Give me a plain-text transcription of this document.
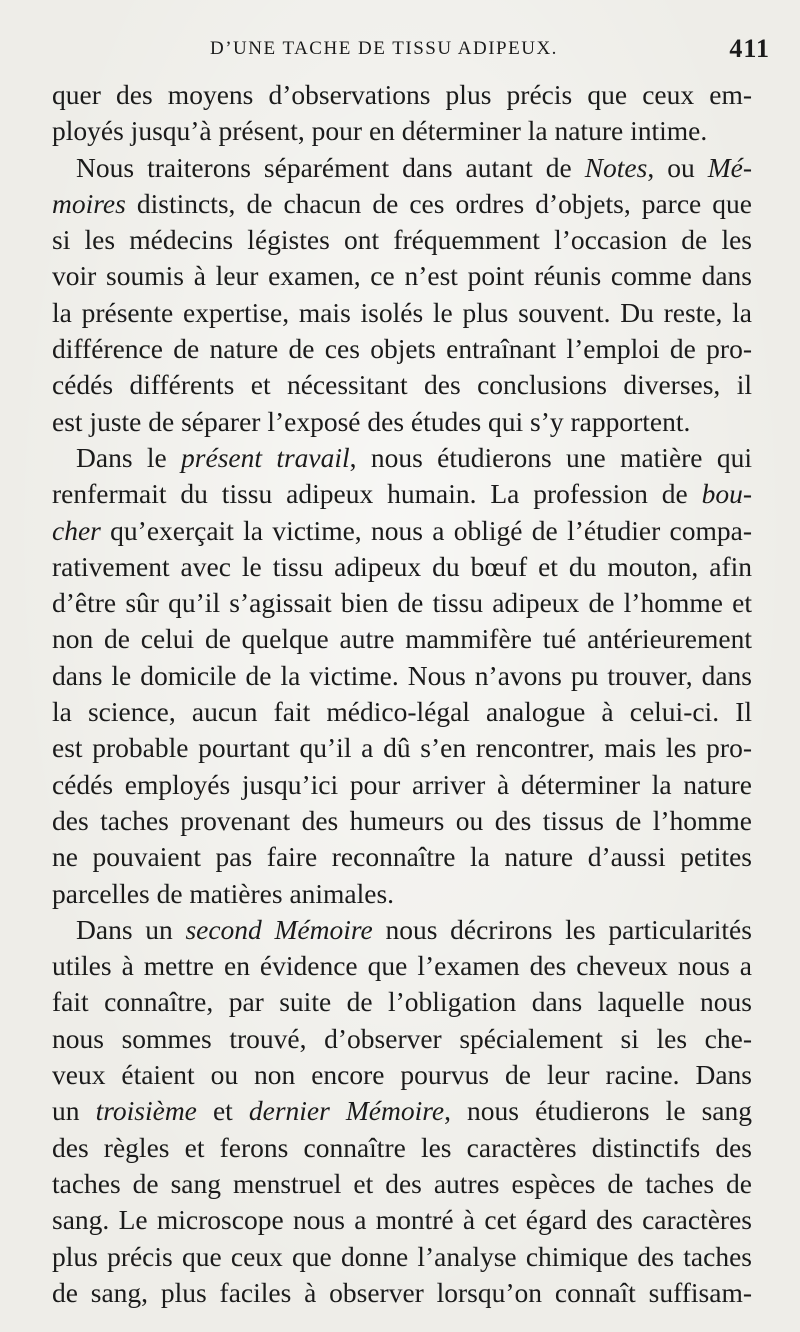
D’UNE TACHE DE TISSU ADIPEUX.	411
quer des moyens d’observations plus précis que ceux em-
ployés jusqu’à présent, pour en déterminer la nature intime.
Nous traiterons séparément dans autant de Notes, ou Mé-
moires distincts, de chacun de ces ordres d’objets, parce que
si les médecins légistes ont fréquemment l’occasion de les
voir soumis à leur examen, ce n’est point réunis comme dans
la présente expertise, mais isolés le plus souvent. Du reste, la
différence de nature de ces objets entraînant l’emploi de pro-
cédés différents et nécessitant des conclusions diverses, il
est juste de séparer l’exposé des études qui s’y rapportent.
Dans le présent travail, nous étudierons une matière qui
renfermait du tissu adipeux humain. La profession de bou-
cher qu’exerçait la victime, nous a obligé de l’étudier compa-
rativement avec le tissu adipeux du bœuf et du mouton, afin
d’être sûr qu’il s’agissait bien de tissu adipeux de l’homme et
non de celui de quelque autre mammifère tué antérieurement
dans le domicile de la victime. Nous n’avons pu trouver, dans
la science, aucun fait médico-légal analogue à celui-ci. Il
est probable pourtant qu’il a dû s’en rencontrer, mais les pro-
cédés employés jusqu’ici pour arriver à déterminer la nature
des taches provenant des humeurs ou des tissus de l’homme
ne pouvaient pas faire reconnaître la nature d’aussi petites
parcelles de matières animales.
Dans un second Mémoire nous décrirons les particularités
utiles à mettre en évidence que l’examen des cheveux nous a
fait connaître, par suite de l’obligation dans laquelle nous
nous sommes trouvé, d’observer spécialement si les che-
veux étaient ou non encore pourvus de leur racine. Dans
un troisième et dernier Mémoire, nous étudierons le sang
des règles et ferons connaître les caractères distinctifs des
taches de sang menstruel et des autres espèces de taches de
sang. Le microscope nous a montré à cet égard des caractères
plus précis que ceux que donne l’analyse chimique des taches
de sang, plus faciles à observer lorsqu’on connaît suffisam-
